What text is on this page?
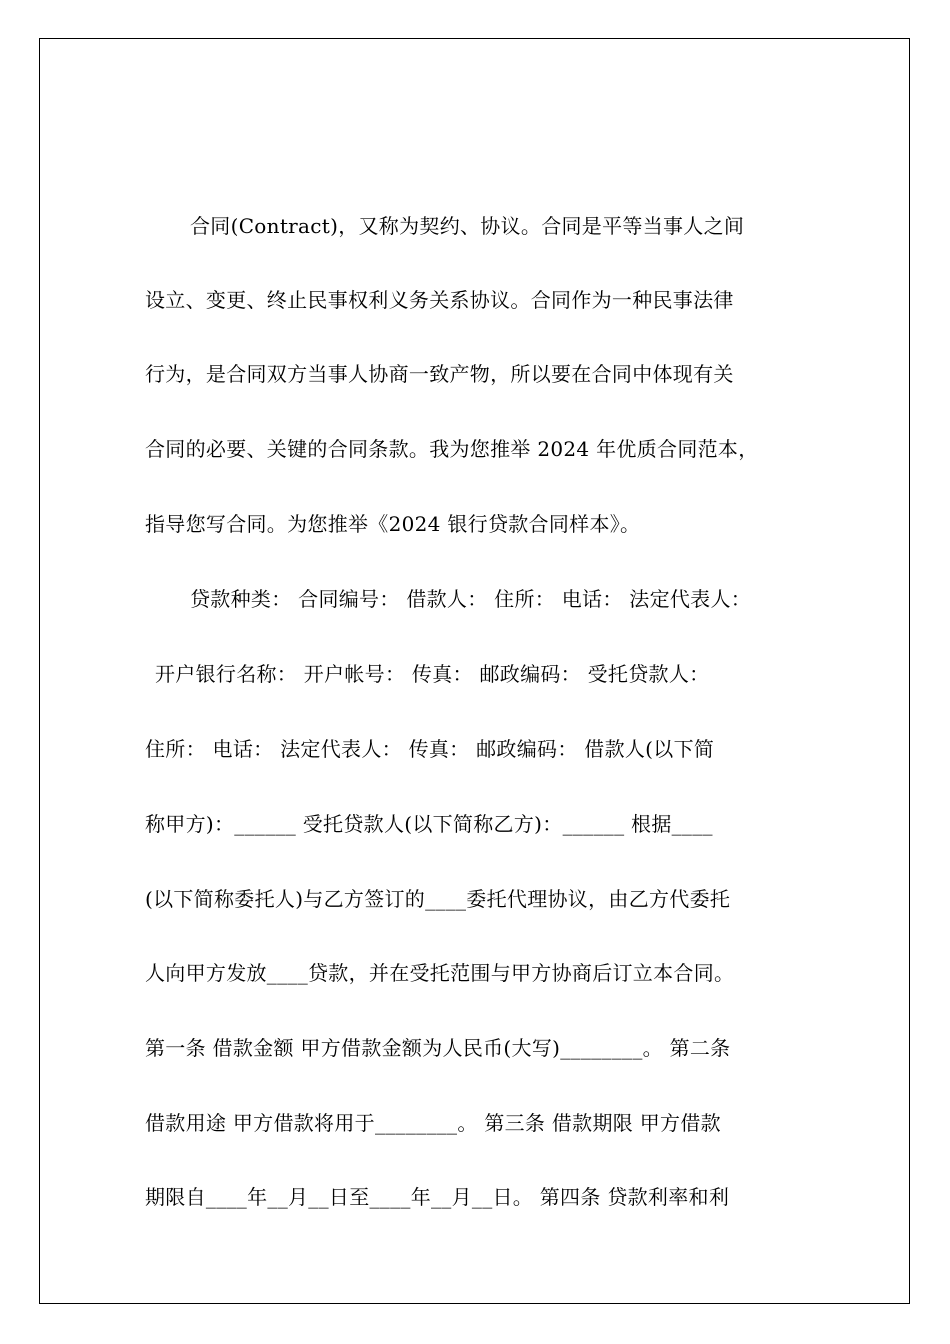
合同(Contract)，又称为契约、协议。合同是平等当事人之间
设立、变更、终止民事权利义务关系协议。合同作为一种民事法律
行为，是合同双方当事人协商一致产物，所以要在合同中体现有关
合同的必要、关键的合同条款。我为您推举 2024 年优质合同范本，
指导您写合同。为您推举《2024 银行贷款合同样本》。
贷款种类： 合同编号： 借款人： 住所： 电话： 法定代表人：
开户银行名称： 开户帐号： 传真： 邮政编码： 受托贷款人：
住所： 电话： 法定代表人： 传真： 邮政编码： 借款人(以下简
称甲方)：______ 受托贷款人(以下简称乙方)：______ 根据____
(以下简称委托人)与乙方签订的____委托代理协议，由乙方代委托
人向甲方发放____贷款，并在受托范围与甲方协商后订立本合同。
第一条 借款金额 甲方借款金额为人民币(大写)________。 第二条
借款用途 甲方借款将用于________。 第三条 借款期限 甲方借款
期限自____年__月__日至____年__月__日。 第四条 贷款利率和利
